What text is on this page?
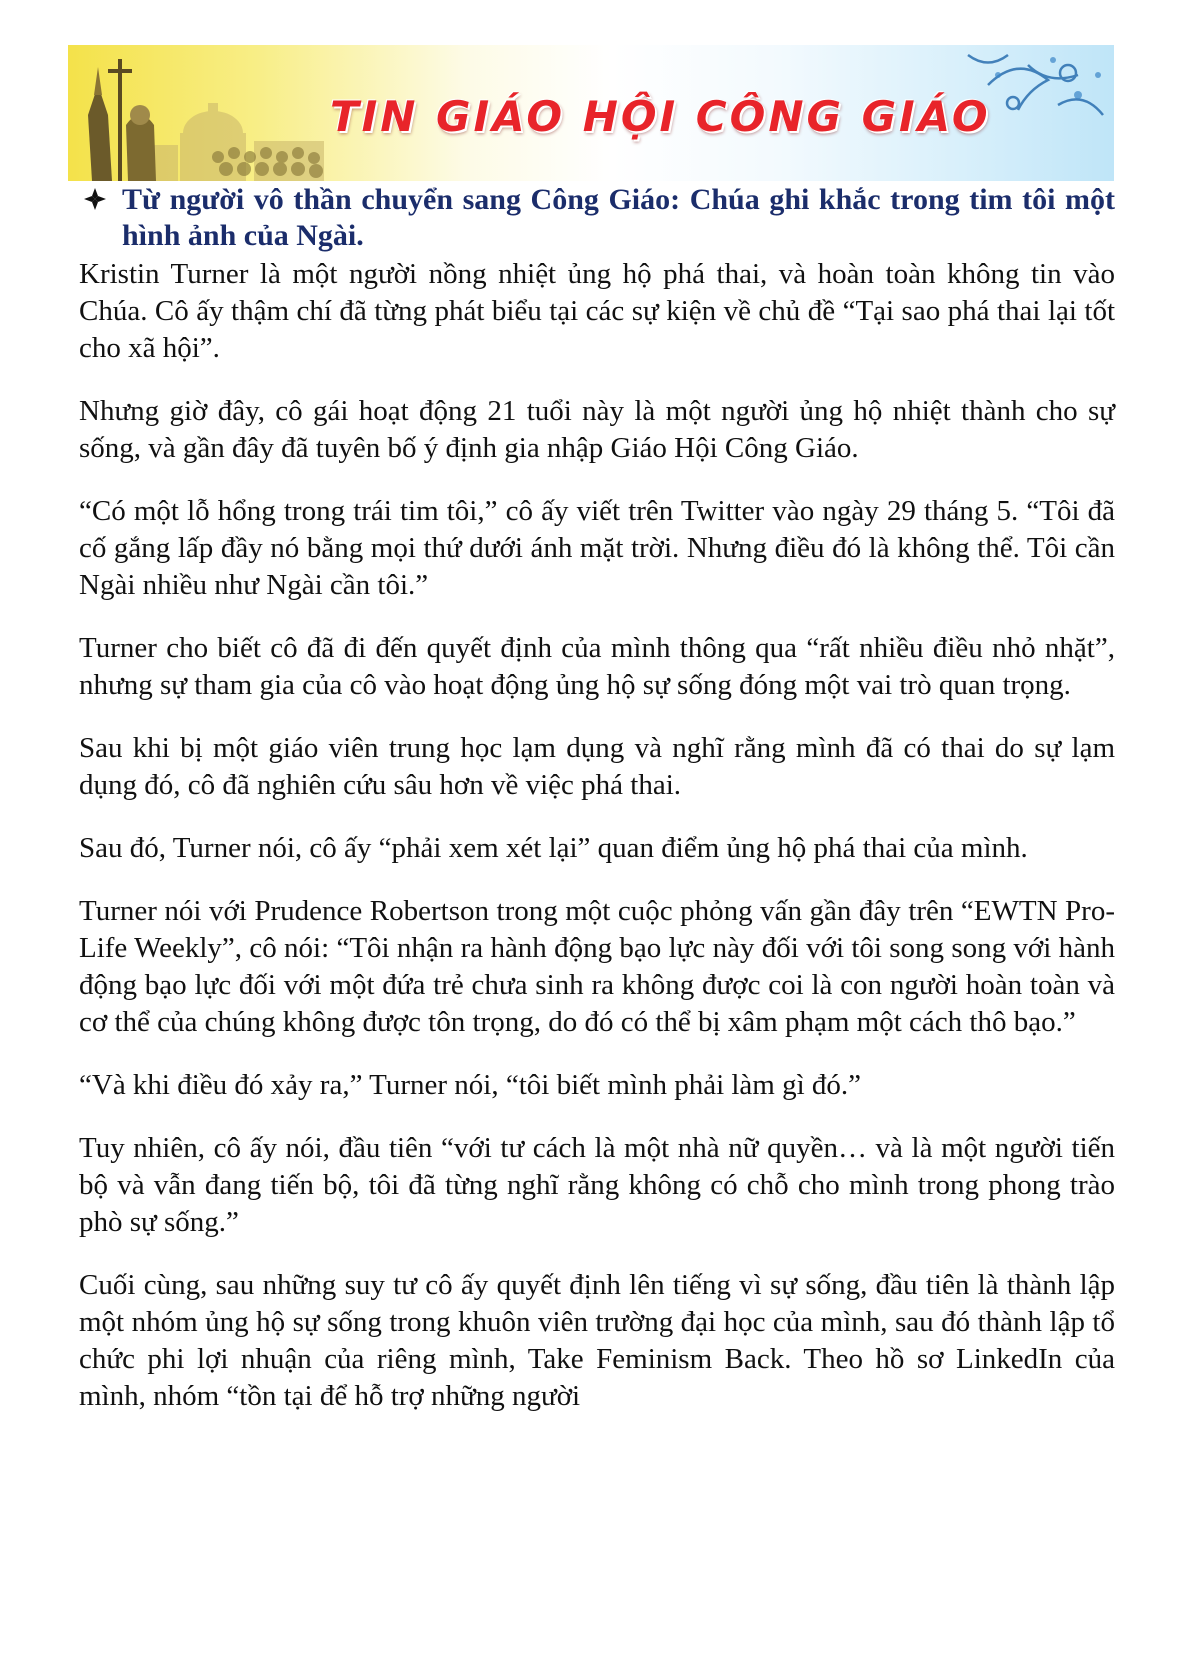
TIN GIÁO HỘI CÔNG GIÁO
Từ người vô thần chuyển sang Công Giáo: Chúa ghi khắc trong tim tôi một hình ảnh của Ngài.

Kristin Turner là một người nồng nhiệt ủng hộ phá thai, và hoàn toàn không tin vào Chúa. Cô ấy thậm chí đã từng phát biểu tại các sự kiện về chủ đề “Tại sao phá thai lại tốt cho xã hội”.

Nhưng giờ đây, cô gái hoạt động 21 tuổi này là một người ủng hộ nhiệt thành cho sự sống, và gần đây đã tuyên bố ý định gia nhập Giáo Hội Công Giáo.

“Có một lỗ hổng trong trái tim tôi,” cô ấy viết trên Twitter vào ngày 29 tháng 5. “Tôi đã cố gắng lấp đầy nó bằng mọi thứ dưới ánh mặt trời. Nhưng điều đó là không thể. Tôi cần Ngài nhiều như Ngài cần tôi.”

Turner cho biết cô đã đi đến quyết định của mình thông qua “rất nhiều điều nhỏ nhặt”, nhưng sự tham gia của cô vào hoạt động ủng hộ sự sống đóng một vai trò quan trọng.

Sau khi bị một giáo viên trung học lạm dụng và nghĩ rằng mình đã có thai do sự lạm dụng đó, cô đã nghiên cứu sâu hơn về việc phá thai.

Sau đó, Turner nói, cô ấy “phải xem xét lại” quan điểm ủng hộ phá thai của mình.

Turner nói với Prudence Robertson trong một cuộc phỏng vấn gần đây trên “EWTN Pro-Life Weekly”, cô nói: “Tôi nhận ra hành động bạo lực này đối với tôi song song với hành động bạo lực đối với một đứa trẻ chưa sinh ra không được coi là con người hoàn toàn và cơ thể của chúng không được tôn trọng, do đó có thể bị xâm phạm một cách thô bạo.”

“Và khi điều đó xảy ra,” Turner nói, “tôi biết mình phải làm gì đó.”

Tuy nhiên, cô ấy nói, đầu tiên “với tư cách là một nhà nữ quyền… và là một người tiến bộ và vẫn đang tiến bộ, tôi đã từng nghĩ rằng không có chỗ cho mình trong phong trào phò sự sống.”

Cuối cùng, sau những suy tư cô ấy quyết định lên tiếng vì sự sống, đầu tiên là thành lập một nhóm ủng hộ sự sống trong khuôn viên trường đại học của mình, sau đó thành lập tổ chức phi lợi nhuận của riêng mình, Take Feminism Back. Theo hồ sơ LinkedIn của mình, nhóm “tồn tại để hỗ trợ những người
